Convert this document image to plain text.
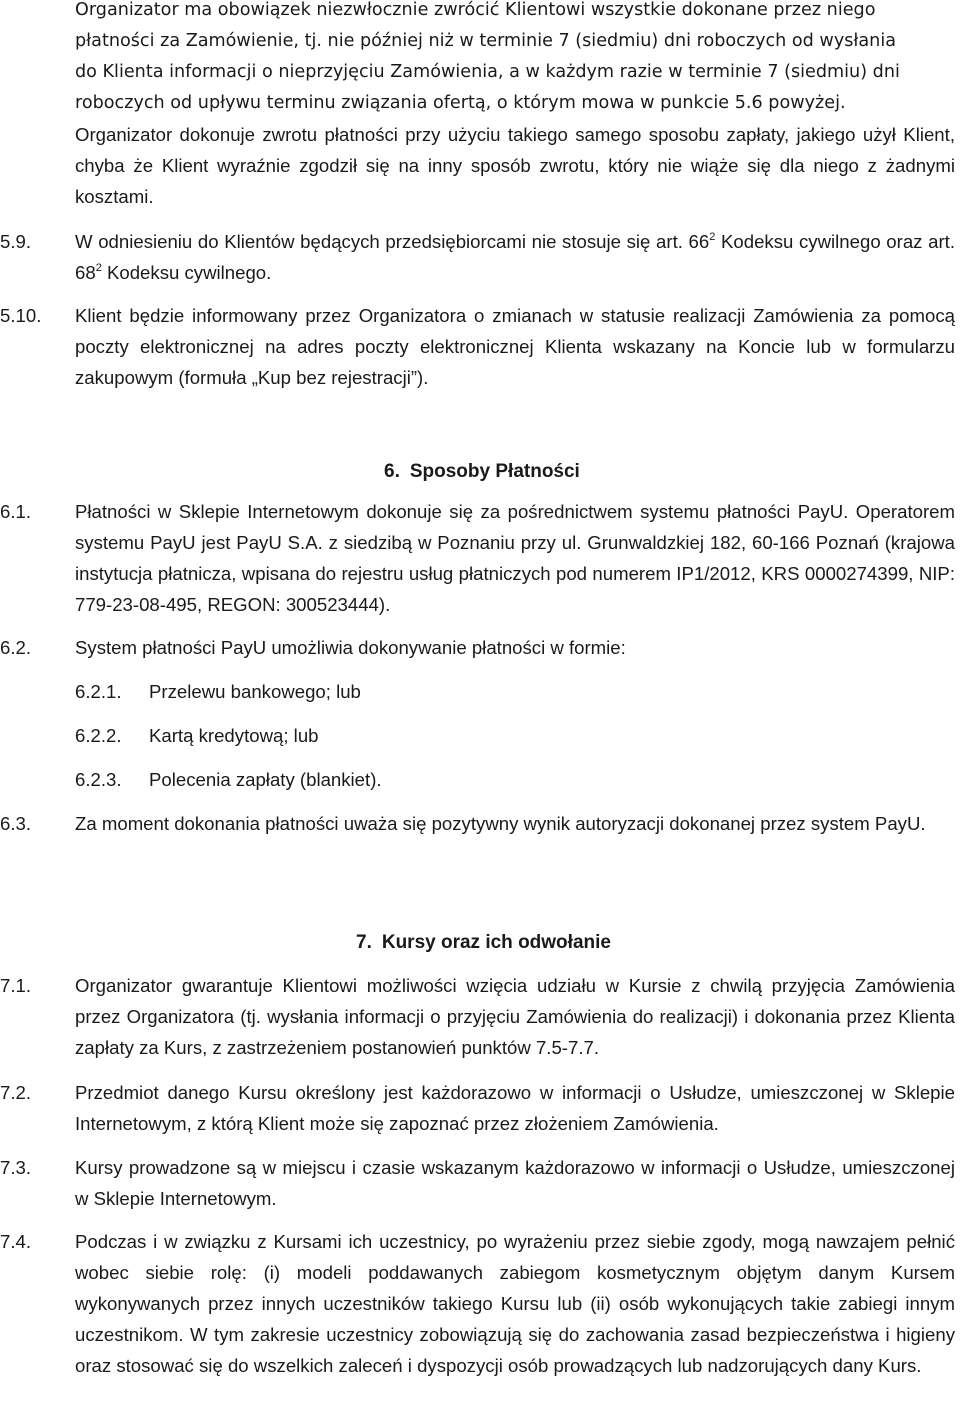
Organizator ma obowiązek niezwłocznie zwrócić Klientowi wszystkie dokonane przez niego

płatności za Zamówienie, tj. nie później niż w terminie 7 (siedmiu) dni roboczych od wysłania

do Klienta informacji o nieprzyjęciu Zamówienia, a w każdym razie w terminie 7 (siedmiu) dni

roboczych od upływu terminu związania ofertą, o którym mowa w punkcie 5.6 powyżej.

Organizator dokonuje zwrotu płatności przy użyciu takiego samego sposobu zapłaty, jakiego użył Klient, chyba że Klient wyraźnie zgodził się na inny sposób zwrotu, który nie wiąże się dla niego z żadnymi kosztami.

5.9. W odniesieniu do Klientów będących przedsiębiorcami nie stosuje się art. $66^2$ Kodeksu cywilnego oraz art. $68^2$ Kodeksu cywilnego.

5.10. Klient będzie informowany przez Organizatora o zmianach w statusie realizacji Zamówienia za pomocą poczty elektronicznej na adres poczty elektronicznej Klienta wskazany na Koncie lub w formularzu zakupowym (formuła „Kup bez rejestracji”).

6. Sposoby Płatności
6.1. Płatności w Sklepie Internetowym dokonuje się za pośrednictwem systemu płatności PayU. Operatorem systemu PayU jest PayU S.A. z siedzibą w Poznaniu przy ul. Grunwaldzkiej 182, 60-166 Poznań (krajowa instytucja płatnicza, wpisana do rejestru usług płatniczych pod numerem IP1/2012, KRS 0000274399, NIP: 779-23-08-495, REGON: 300523444).

6.2. System płatności PayU umożliwia dokonywanie płatności w formie:

6.2.1. Przelewu bankowego; lub
6.2.2. Kartą kredytową; lub
6.2.3. Polecenia zapłaty (blankiet).
6.3. Za moment dokonania płatności uważa się pozytywny wynik autoryzacji dokonanej przez system PayU.

7. Kursy oraz ich odwołanie
7.1. Organizator gwarantuje Klientowi możliwości wzięcia udziału w Kursie z chwilą przyjęcia Zamówienia przez Organizatora (tj. wysłania informacji o przyjęciu Zamówienia do realizacji) i dokonania przez Klienta zapłaty za Kurs, z zastrzeżeniem postanowień punktów 7.5-7.7.

7.2. Przedmiot danego Kursu określony jest każdorazowo w informacji o Usłudze, umieszczonej w Sklepie Internetowym, z którą Klient może się zapoznać przez złożeniem Zamówienia.

7.3. Kursy prowadzone są w miejscu i czasie wskazanym każdorazowo w informacji o Usłudze, umieszczonej w Sklepie Internetowym.

7.4. Podczas i w związku z Kursami ich uczestnicy, po wyrażeniu przez siebie zgody, mogą nawzajem pełnić wobec siebie rolę: (i) modeli poddawanych zabiegom kosmetycznym objętym danym Kursem wykonywanych przez innych uczestników takiego Kursu lub (ii) osób wykonujących takie zabiegi innym uczestnikom. W tym zakresie uczestnicy zobowiązują się do zachowania zasad bezpieczeństwa i higieny oraz stosować się do wszelkich zaleceń i dyspozycji osób prowadzących lub nadzorujących dany Kurs.
